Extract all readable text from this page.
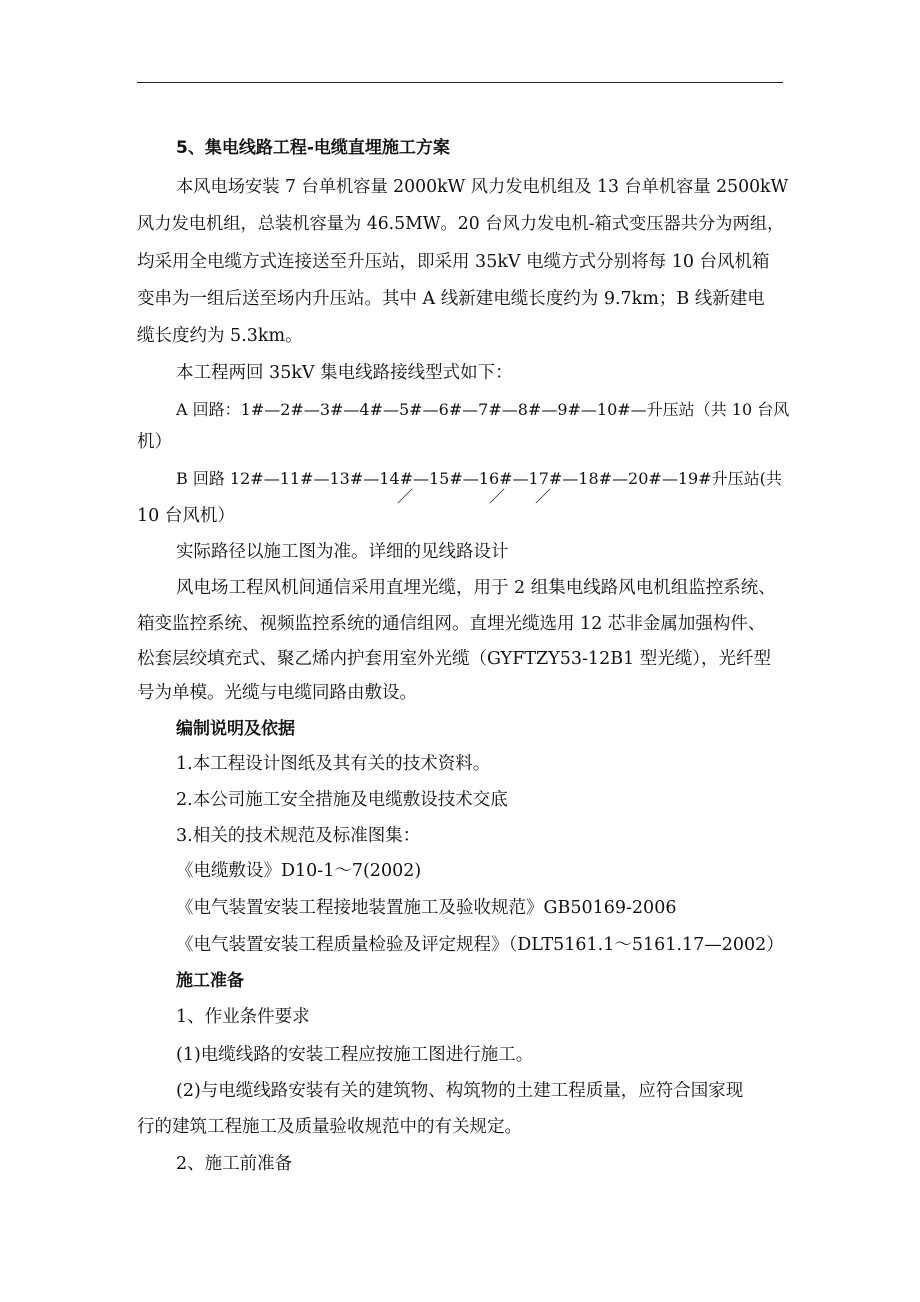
5、集电线路工程-电缆直埋施工方案
本风电场安装 7 台单机容量 2000kW 风力发电机组及 13 台单机容量 2500kW
风力发电机组，总装机容量为 46.5MW。20 台风力发电机-箱式变压器共分为两组，
均采用全电缆方式连接送至升压站，即采用 35kV 电缆方式分别将每 10 台风机箱
变串为一组后送至场内升压站。其中 A 线新建电缆长度约为 9.7km；B 线新建电
缆长度约为 5.3km。
本工程两回 35kV 集电线路接线型式如下：
A 回路：1#—2#—3#—4#—5#—6#—7#—8#—9#—10#—升压站（共 10 台风
机）
B 回路 12#—11#—13#—14#—15#—16#—17#—18#—20#—19#升压站(共
／	／ ／
10 台风机）
实际路径以施工图为准。详细的见线路设计
风电场工程风机间通信采用直埋光缆，用于 2 组集电线路风电机组监控系统、
箱变监控系统、视频监控系统的通信组网。直埋光缆选用 12 芯非金属加强构件、
松套层绞填充式、聚乙烯内护套用室外光缆（GYFTZY53-12B1 型光缆），光纤型
号为单模。光缆与电缆同路由敷设。
编制说明及依据
1.本工程设计图纸及其有关的技术资料。
2.本公司施工安全措施及电缆敷设技术交底
3.相关的技术规范及标准图集：
《电缆敷设》D10-1～7(2002)
《电气装置安装工程接地装置施工及验收规范》GB50169-2006
《电气装置安装工程质量检验及评定规程》（DLT5161.1～5161.17—2002）
施工准备
1、作业条件要求
(1)电缆线路的安装工程应按施工图进行施工。
(2)与电缆线路安装有关的建筑物、构筑物的土建工程质量，应符合国家现
行的建筑工程施工及质量验收规范中的有关规定。
2、施工前准备
